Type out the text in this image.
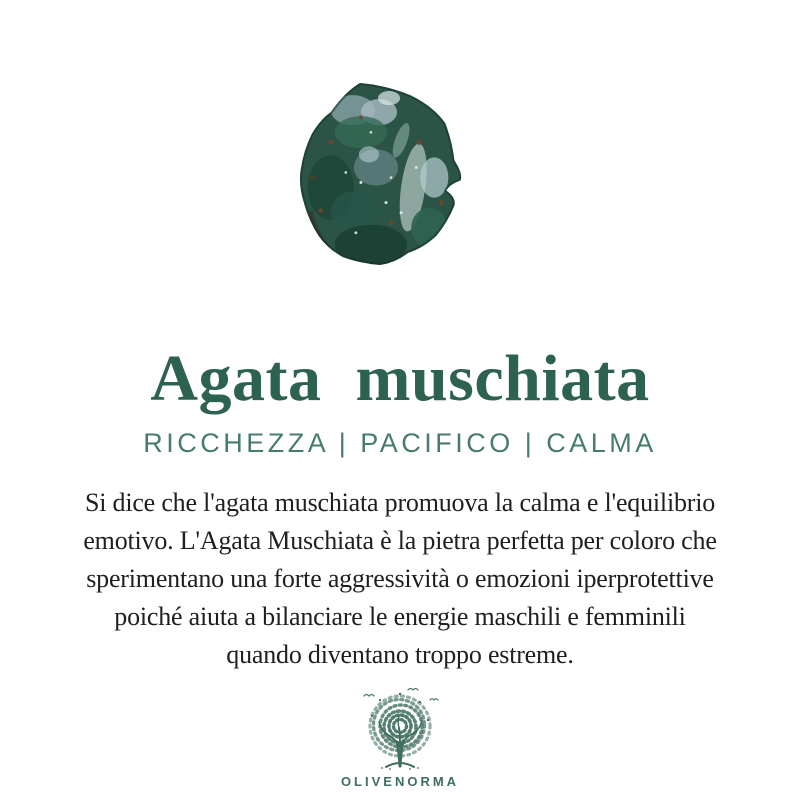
Agata muschiata
RICCHEZZA | PACIFICO | CALMA
Si dice che l'agata muschiata promuova la calma e l'equilibrio
emotivo. L'Agata Muschiata è la pietra perfetta per coloro che
sperimentano una forte aggressività o emozioni iperprotettive
poiché aiuta a bilanciare le energie maschili e femminili
quando diventano troppo estreme.
OLIVENORMA
